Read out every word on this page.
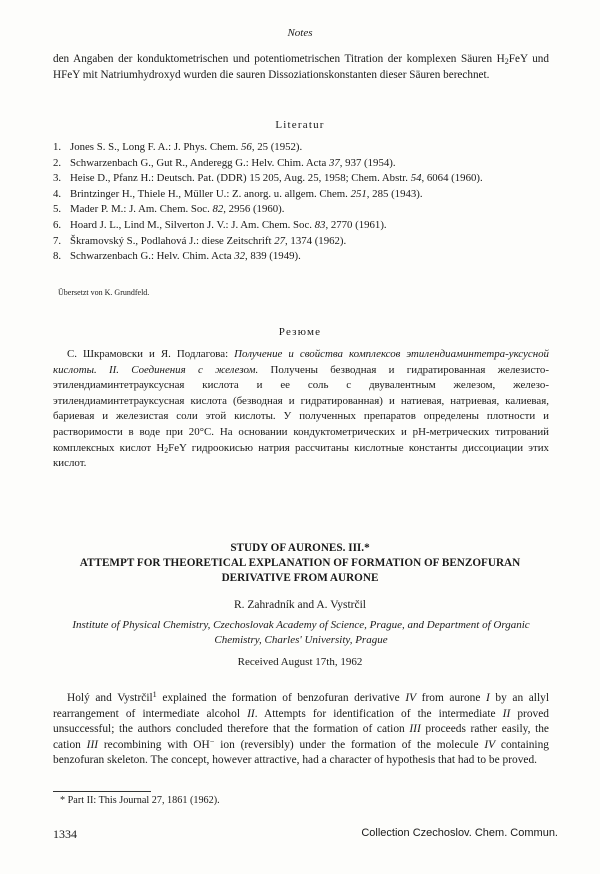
Notes

den Angaben der konduktometrischen und potentiometrischen Titration der komplexen Säuren $H_2FeY$ und HFeY mit Natriumhydroxyd wurden die sauren Dissoziationskonstanten dieser Säuren berechnet.

Literatur
1. Jones S. S., Long F. A.: J. Phys. Chem. 56, 25 (1952).
2. Schwarzenbach G., Gut R., Anderegg G.: Helv. Chim. Acta 37, 937 (1954).
3. Heise D., Pfanz H.: Deutsch. Pat. (DDR) 15 205, Aug. 25, 1958; Chem. Abstr. 54, 6064 (1960).
4. Brintzinger H., Thiele H., Müller U.: Z. anorg. u. allgem. Chem. 251, 285 (1943).
5. Mader P. M.: J. Am. Chem. Soc. 82, 2956 (1960).
6. Hoard J. L., Lind M., Silverton J. V.: J. Am. Chem. Soc. 83, 2770 (1961).
7. Škramovský S., Podlahová J.: diese Zeitschrift 27, 1374 (1962).
8. Schwarzenbach G.: Helv. Chim. Acta 32, 839 (1949).
Übersetzt von K. Grundfeld.
Резюме

С. Шкрамовски и Я. Подлагова: Получение и свойства комплексов этилендиаминтетра-уксусной кислоты. II. Соединения с железом. Получены безводная и гидратированная железисто-этилендиаминтетрауксусная кислота и ее соль с двувалентным железом, железо-этилендиаминтетрауксусная кислота (безводная и гидратированная) и натиевая, натриевая, калиевая, бариевая и железистая соли этой кислоты. У полученных препаратов определены плотности и растворимости в воде при 20°С. На основании кондуктометрических и pH-метрических титрований комплексных кислот $H_2FeY$ гидроокисью натрия рассчитаны кислотные константы диссоциации этих кислот.

STUDY OF AURONES. III.*
ATTEMPT FOR THEORETICAL EXPLANATION OF FORMATION OF BENZOFURAN
DERIVATIVE FROM AURONE
R. Zahradník and A. Vystrčil
Institute of Physical Chemistry, Czechoslovak Academy of Science, Prague, and Department of Organic Chemistry, Charles' University, Prague
Received August 17th, 1962

Holý and Vystrčil$^1$ explained the formation of benzofuran derivative IV from aurone I by an allyl rearrangement of intermediate alcohol II. Attempts for identification of the intermediate II proved unsuccessful; the authors concluded therefore that the formation of cation III proceeds rather easily, the cation III recombining with OH− ion (reversibly) under the formation of the molecule IV containing benzofuran skeleton. The concept, however attractive, had a character of hypothesis that had to be proved.

* Part II: This Journal 27, 1861 (1962).
1334	Collection Czechoslov. Chem. Commun.
